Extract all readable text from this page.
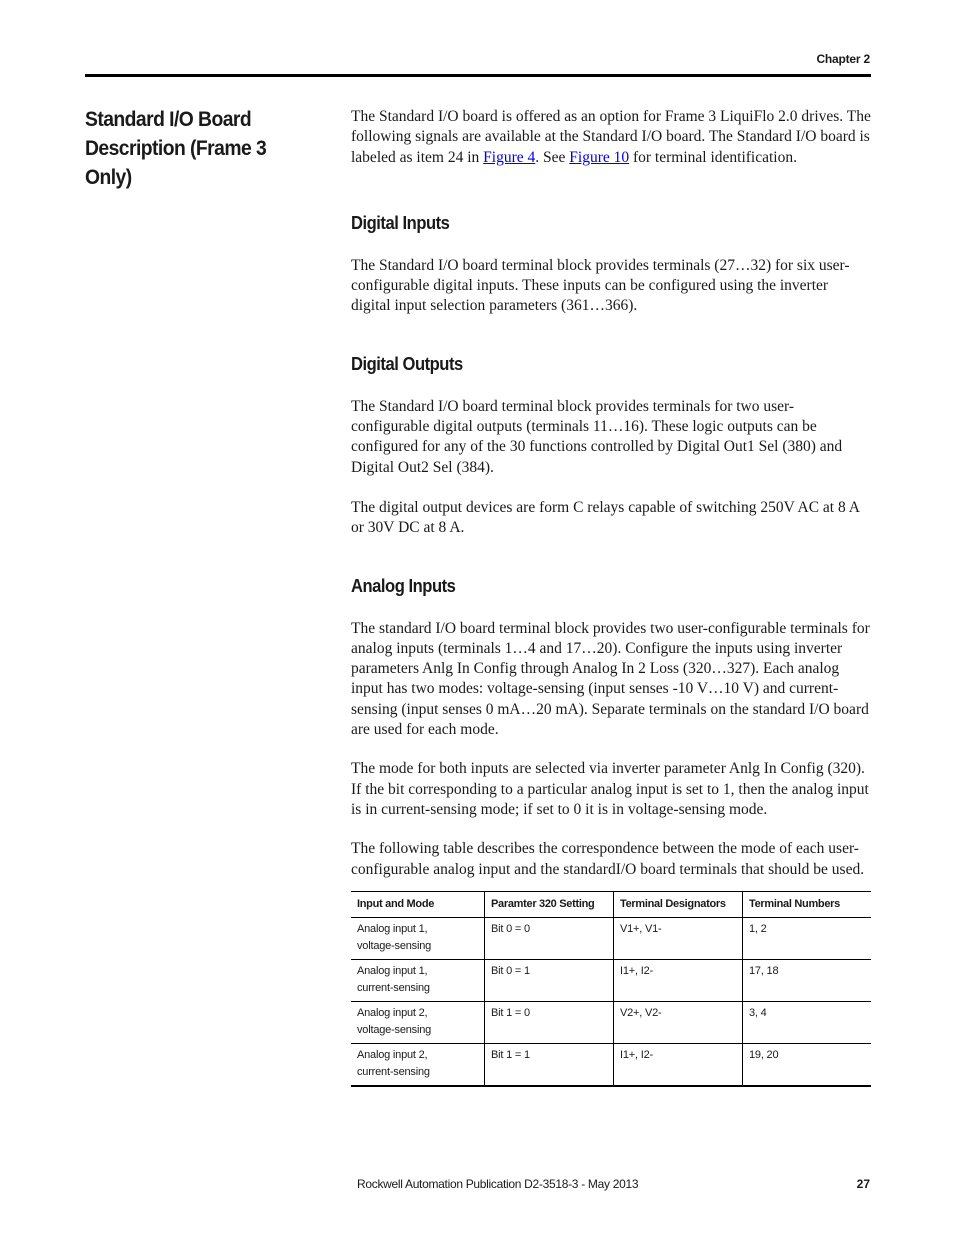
Chapter 2
Standard I/O Board Description (Frame 3 Only)

The Standard I/O board is offered as an option for Frame 3 LiquiFlo 2.0 drives. The following signals are available at the Standard I/O board. The Standard I/O board is labeled as item 24 in Figure 4. See Figure 10 for terminal identification.

Digital Inputs

The Standard I/O board terminal block provides terminals (27…32) for six user-configurable digital inputs. These inputs can be configured using the inverter digital input selection parameters (361…366).

Digital Outputs

The Standard I/O board terminal block provides terminals for two user-configurable digital outputs (terminals 11…16). These logic outputs can be configured for any of the 30 functions controlled by Digital Out1 Sel (380) and Digital Out2 Sel (384).

The digital output devices are form C relays capable of switching 250V AC at 8 A or 30V DC at 8 A.

Analog Inputs

The standard I/O board terminal block provides two user-configurable terminals for analog inputs (terminals 1…4 and 17…20). Configure the inputs using inverter parameters Anlg In Config through Analog In 2 Loss (320…327). Each analog input has two modes: voltage-sensing (input senses -10 V…10 V) and current-sensing (input senses 0 mA…20 mA). Separate terminals on the standard I/O board are used for each mode.

The mode for both inputs are selected via inverter parameter Anlg In Config (320). If the bit corresponding to a particular analog input is set to 1, then the analog input is in current-sensing mode; if set to 0 it is in voltage-sensing mode.

The following table describes the correspondence between the mode of each user-configurable analog input and the standardI/O board terminals that should be used.

Input and Mode	Paramter 320 Setting	Terminal Designators	Terminal Numbers
Analog input 1,
voltage-sensing	Bit 0 = 0	V1+, V1-	1, 2
Analog input 1,
current-sensing	Bit 0 = 1	I1+, I2-	17, 18
Analog input 2,
voltage-sensing	Bit 1 = 0	V2+, V2-	3, 4
Analog input 2,
current-sensing	Bit 1 = 1	I1+, I2-	19, 20
Rockwell Automation Publication D2-3518-3 - May 2013	27
